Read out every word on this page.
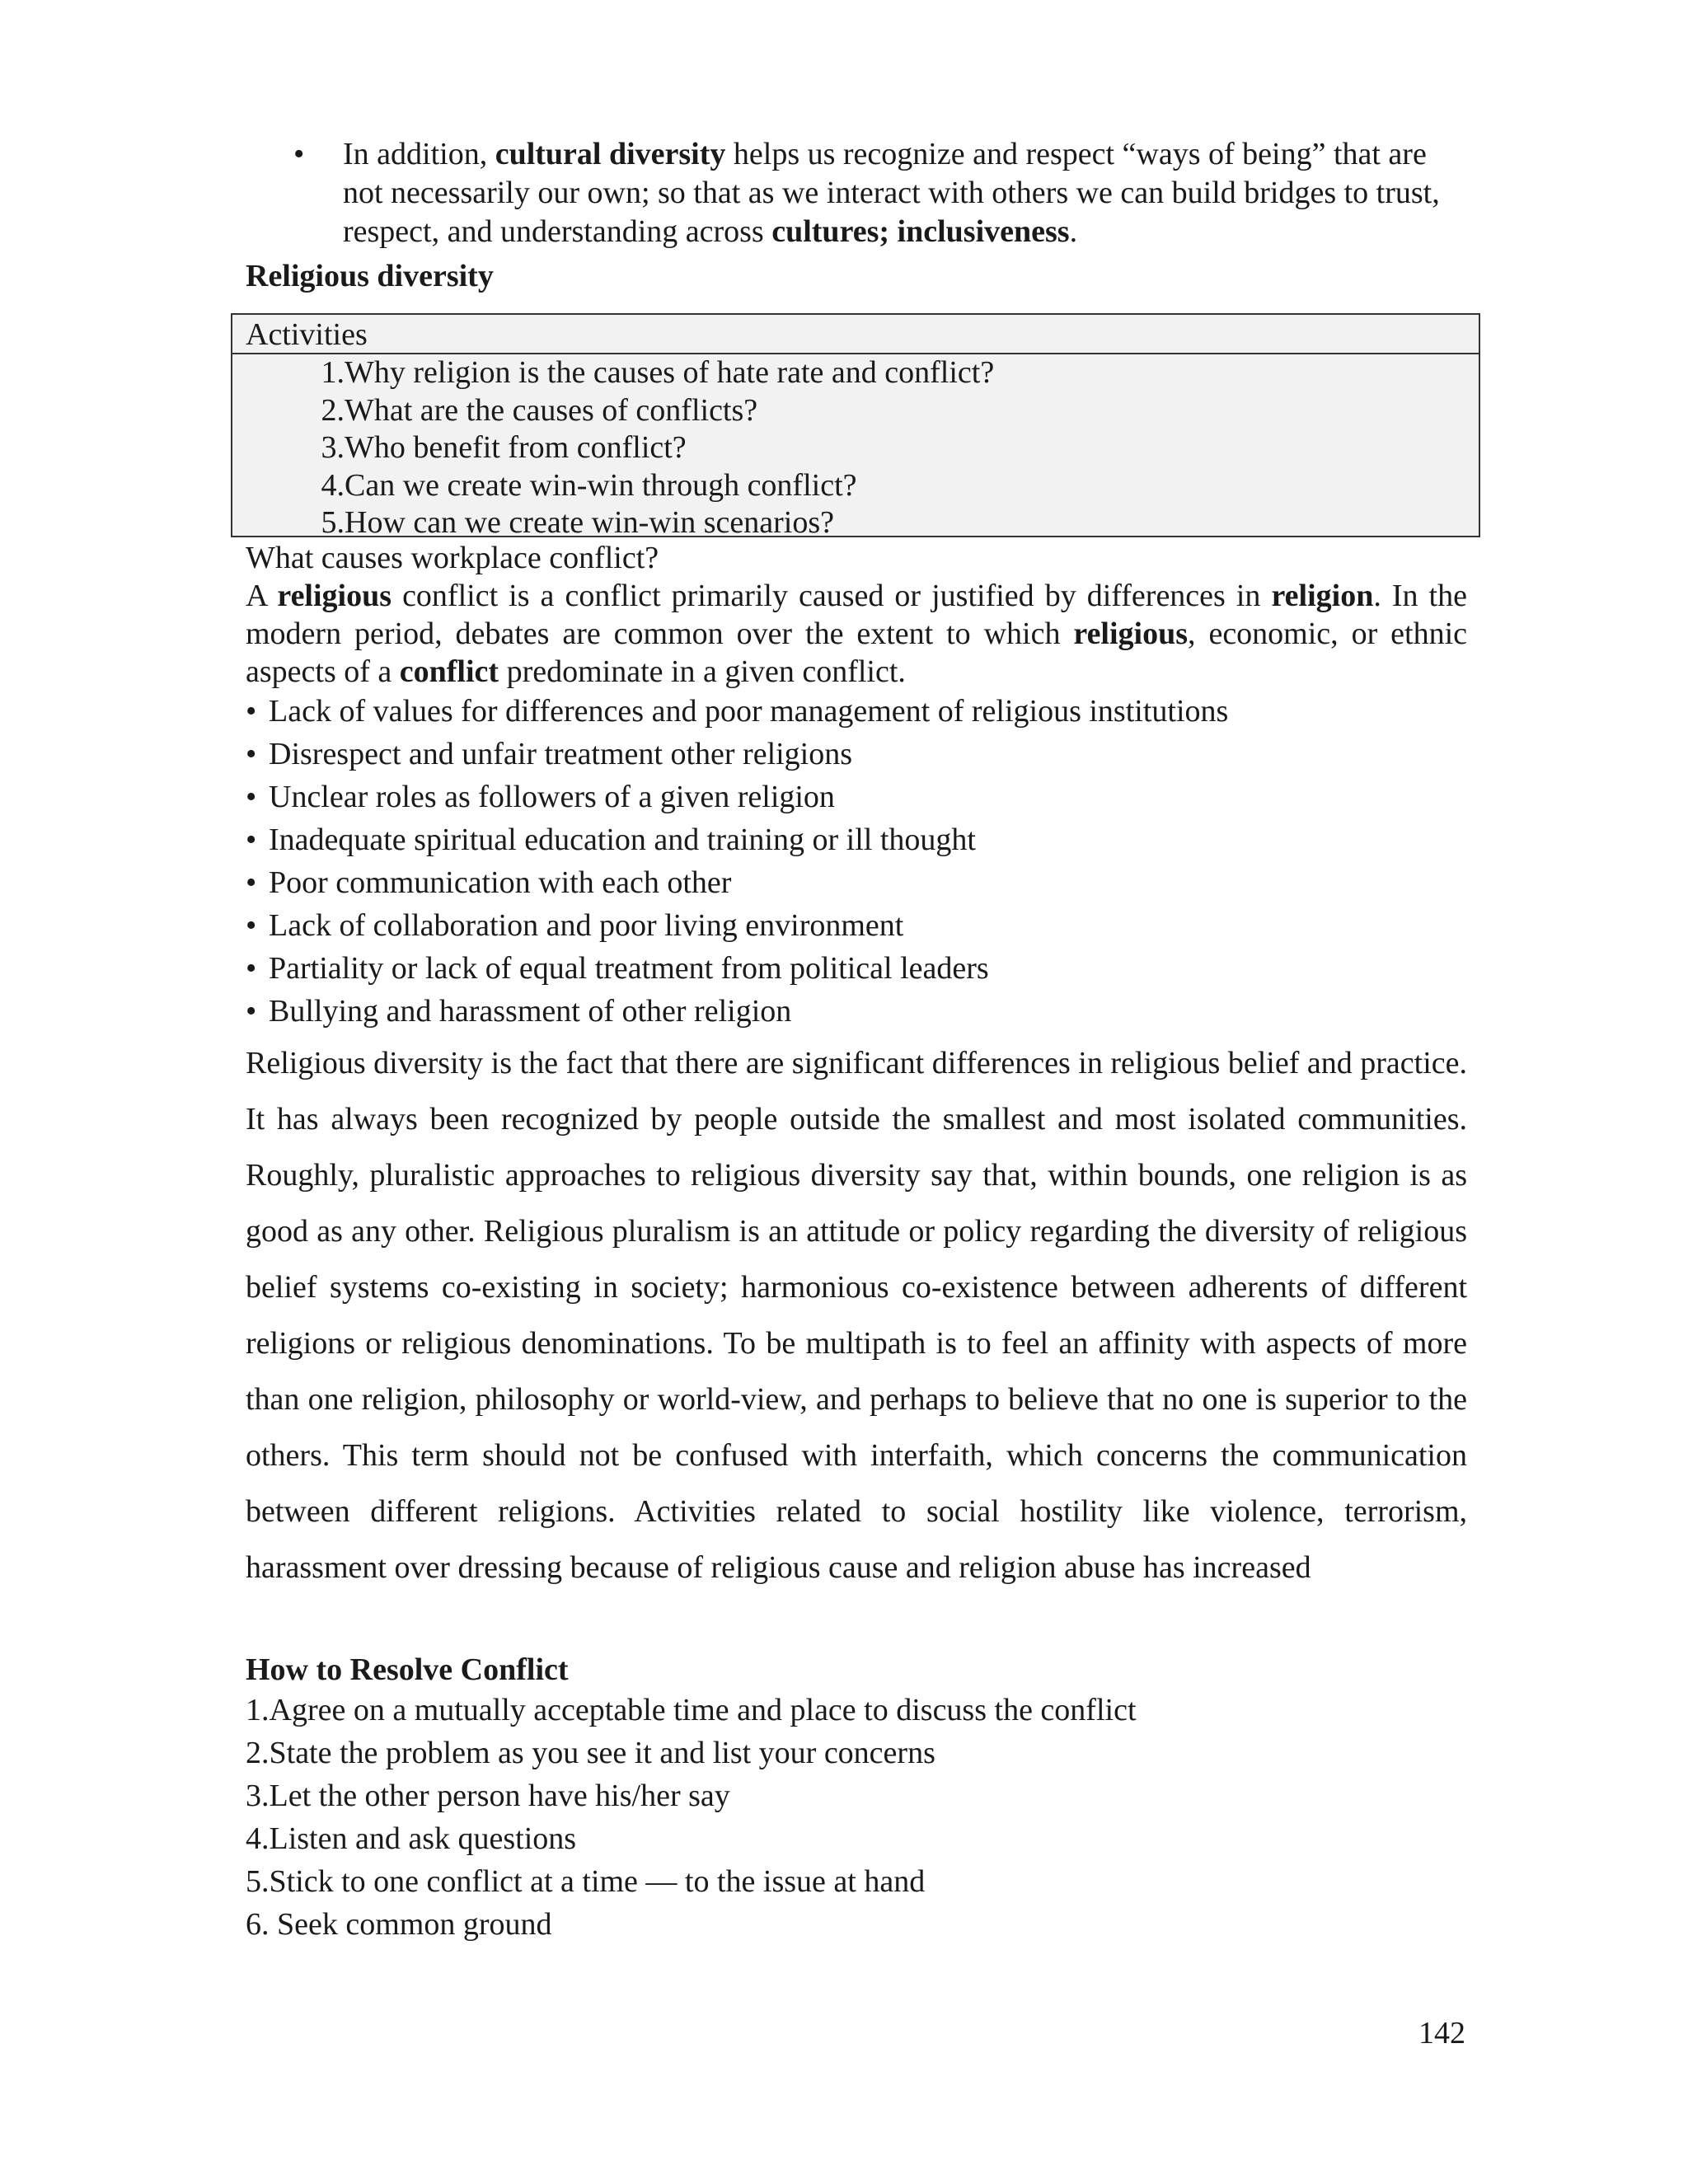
• In addition, cultural diversity helps us recognize and respect “ways of being” that are not necessarily our own; so that as we interact with others we can build bridges to trust, respect, and understanding across cultures; inclusiveness.
Religious diversity
Activities
1. Why religion is the causes of hate rate and conflict?
2. What are the causes of conflicts?
3. Who benefit from conflict?
4. Can we create win-win through conflict?
5. How can we create win-win scenarios?
What causes workplace conflict?
A religious conflict is a conflict primarily caused or justified by differences in religion. In the modern period, debates are common over the extent to which religious, economic, or ethnic aspects of a conflict predominate in a given conflict.
• Lack of values for differences and poor management of religious institutions
• Disrespect and unfair treatment other religions
• Unclear roles as followers of a given religion
• Inadequate spiritual education and training or ill thought
• Poor communication with each other
• Lack of collaboration and poor living environment
• Partiality or lack of equal treatment from political leaders
• Bullying and harassment of other religion
Religious diversity is the fact that there are significant differences in religious belief and practice. It has always been recognized by people outside the smallest and most isolated communities. Roughly, pluralistic approaches to religious diversity say that, within bounds, one religion is as good as any other. Religious pluralism is an attitude or policy regarding the diversity of religious belief systems co-existing in society; harmonious co-existence between adherents of different religions or religious denominations. To be multipath is to feel an affinity with aspects of more than one religion, philosophy or world-view, and perhaps to believe that no one is superior to the others. This term should not be confused with interfaith, which concerns the communication between different religions. Activities related to social hostility like violence, terrorism, harassment over dressing because of religious cause and religion abuse has increased
How to Resolve Conflict
1.Agree on a mutually acceptable time and place to discuss the conflict
2.State the problem as you see it and list your concerns
3.Let the other person have his/her say
4.Listen and ask questions
5.Stick to one conflict at a time — to the issue at hand
6. Seek common ground
142
